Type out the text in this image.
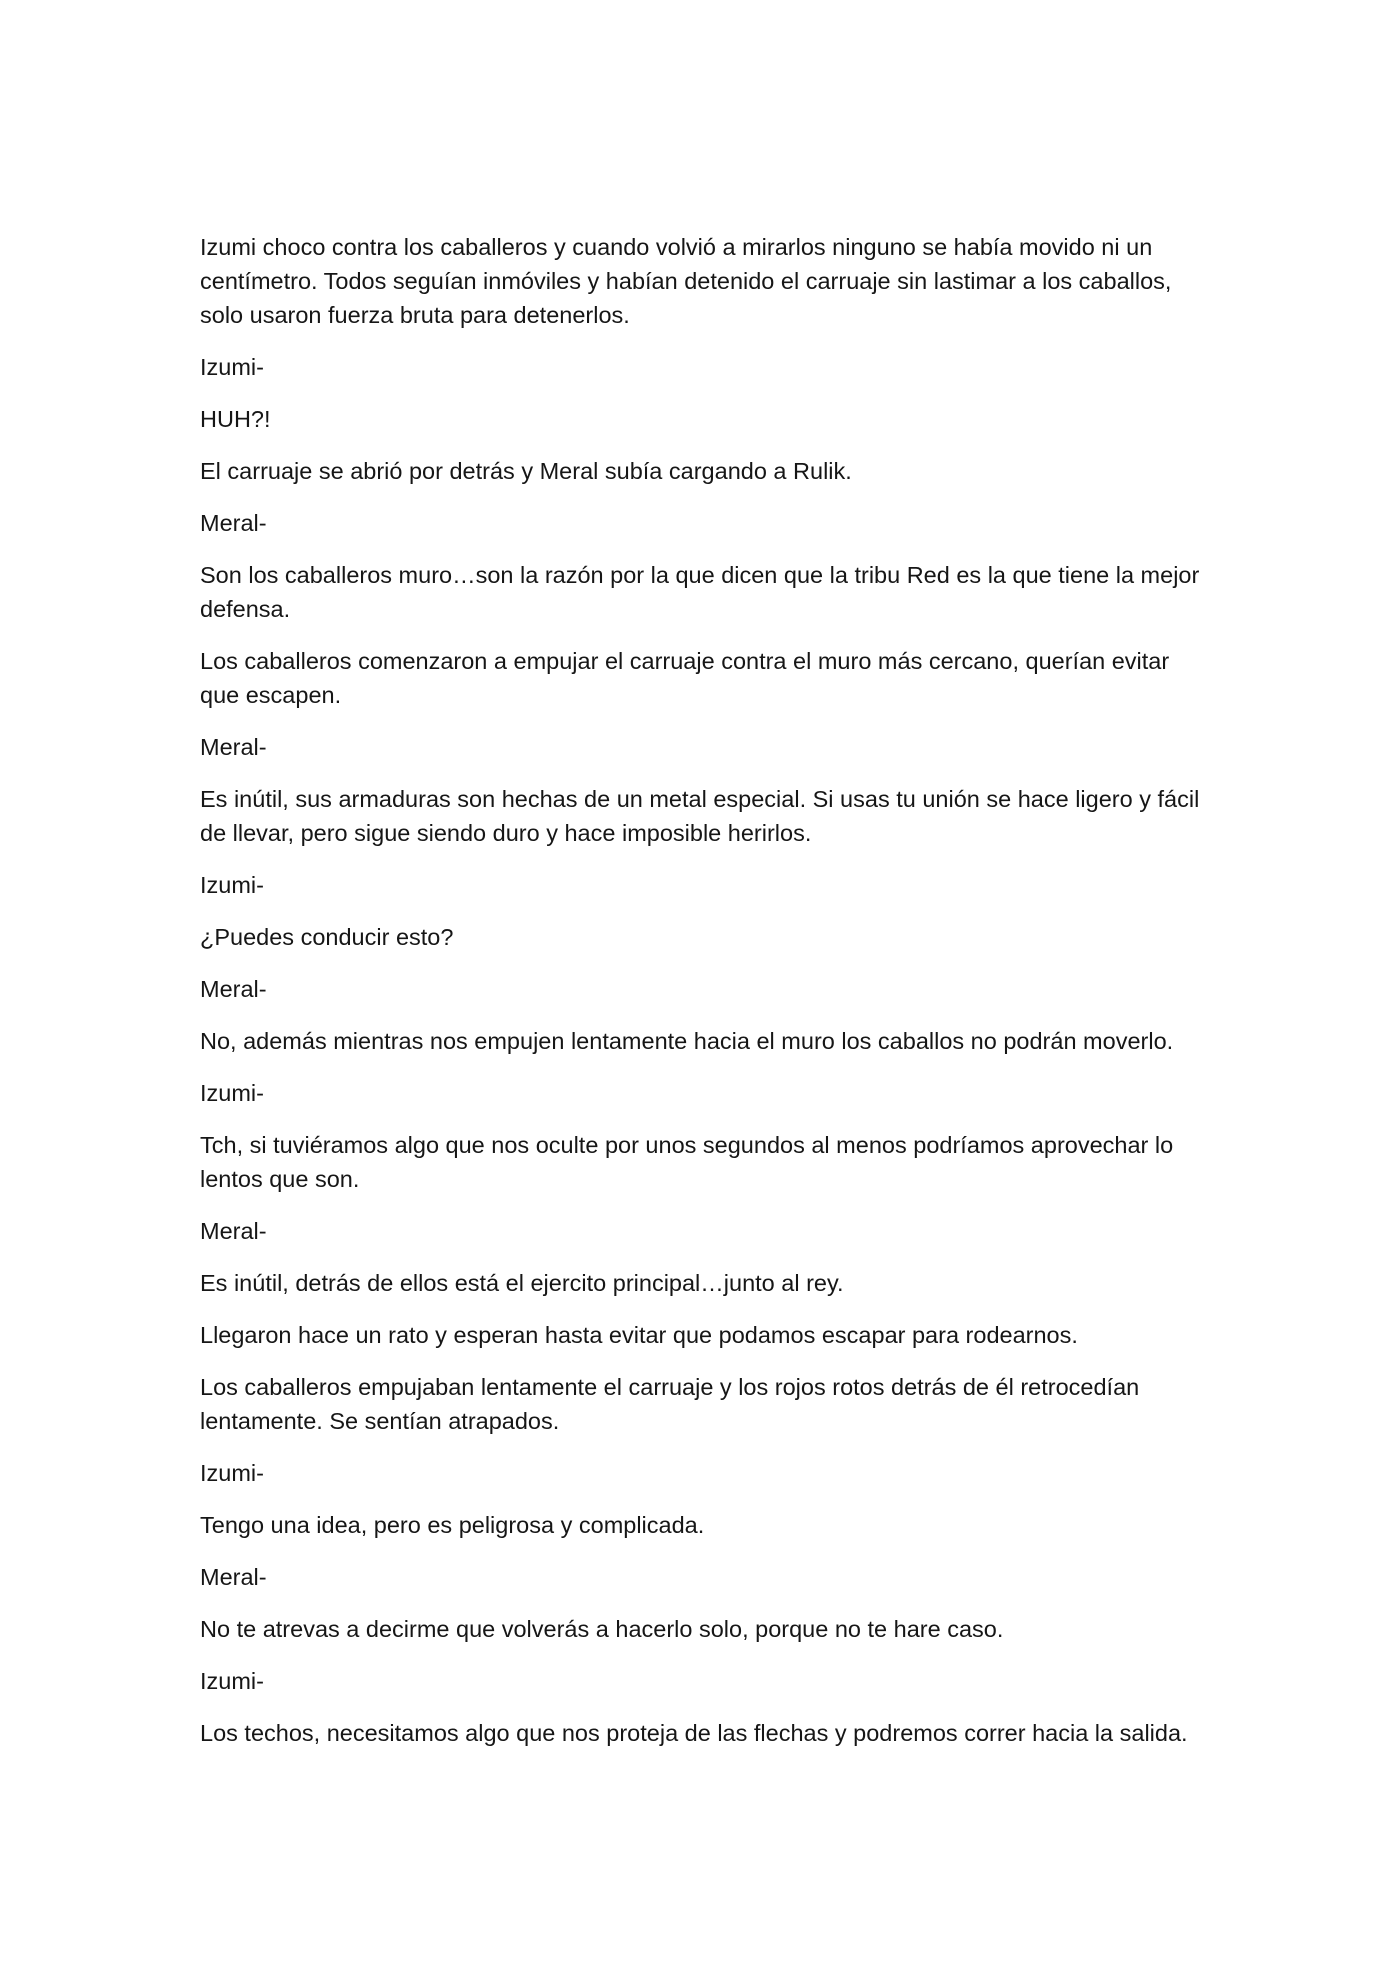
Izumi choco contra los caballeros y cuando volvió a mirarlos ninguno se había movido ni un centímetro. Todos seguían inmóviles y habían detenido el carruaje sin lastimar a los caballos, solo usaron fuerza bruta para detenerlos.

Izumi-

HUH?!

El carruaje se abrió por detrás y Meral subía cargando a Rulik.

Meral-

Son los caballeros muro…son la razón por la que dicen que la tribu Red es la que tiene la mejor defensa.

Los caballeros comenzaron a empujar el carruaje contra el muro más cercano, querían evitar que escapen.

Meral-

Es inútil, sus armaduras son hechas de un metal especial. Si usas tu unión se hace ligero y fácil de llevar, pero sigue siendo duro y hace imposible herirlos.

Izumi-

¿Puedes conducir esto?

Meral-

No, además mientras nos empujen lentamente hacia el muro los caballos no podrán moverlo.

Izumi-

Tch, si tuviéramos algo que nos oculte por unos segundos al menos podríamos aprovechar lo lentos que son.

Meral-

Es inútil, detrás de ellos está el ejercito principal…junto al rey.

Llegaron hace un rato y esperan hasta evitar que podamos escapar para rodearnos.

Los caballeros empujaban lentamente el carruaje y los rojos rotos detrás de él retrocedían lentamente. Se sentían atrapados.

Izumi-

Tengo una idea, pero es peligrosa y complicada.

Meral-

No te atrevas a decirme que volverás a hacerlo solo, porque no te hare caso.

Izumi-

Los techos, necesitamos algo que nos proteja de las flechas y podremos correr hacia la salida.
